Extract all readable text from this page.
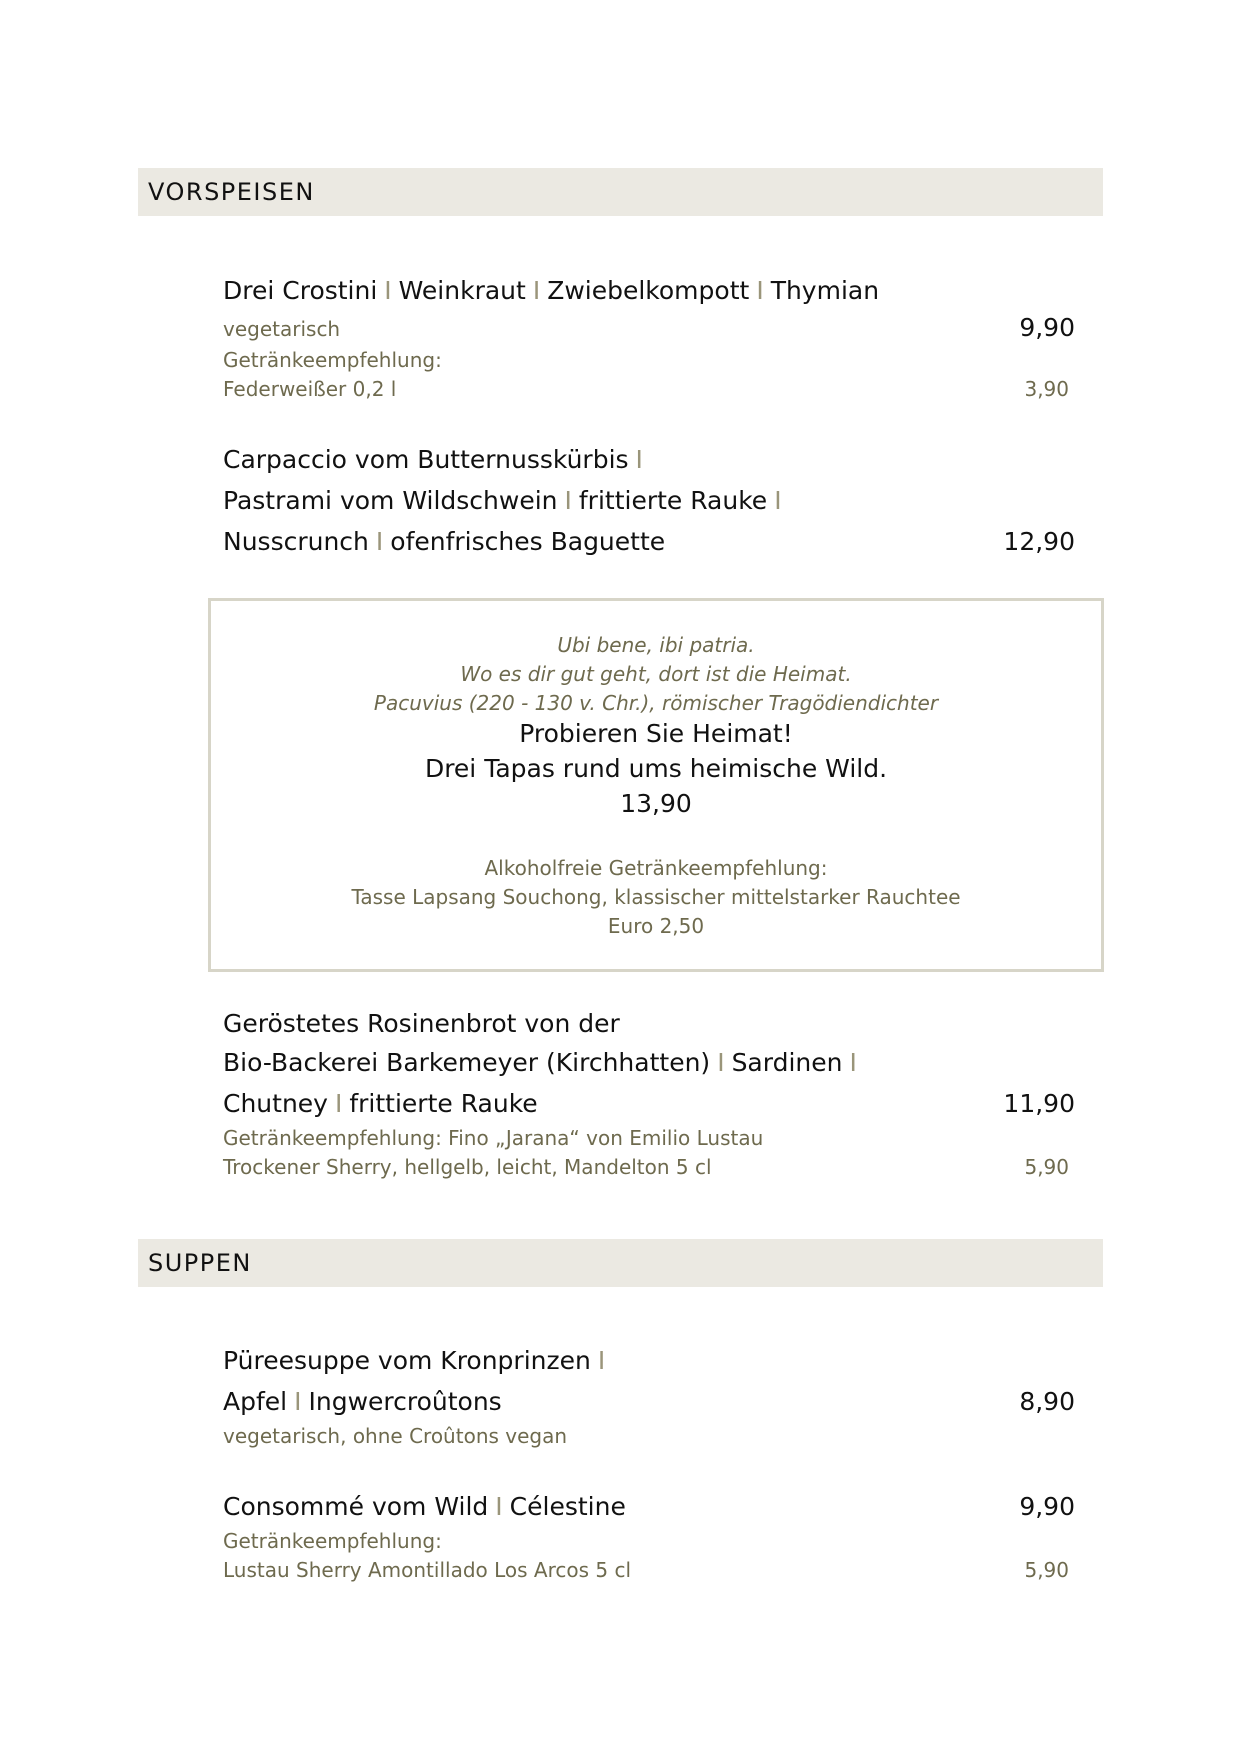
VORSPEISEN
Drei Crostini I Weinkraut I Zwiebelkompott I Thymian
vegetarisch	9,90
Getränkeempfehlung:
Federweißer 0,2 l	3,90
Carpaccio vom Butternusskürbis I
Pastrami vom Wildschwein I frittierte Rauke I
Nusscrunch I ofenfrisches Baguette	12,90
Ubi bene, ibi patria.
Wo es dir gut geht, dort ist die Heimat.
Pacuvius (220 - 130 v. Chr.), römischer Tragödiendichter
Probieren Sie Heimat!
Drei Tapas rund ums heimische Wild.
13,90
Alkoholfreie Getränkeempfehlung:
Tasse Lapsang Souchong, klassischer mittelstarker Rauchtee
Euro 2,50
Geröstetes Rosinenbrot von der
Bio-Backerei Barkemeyer (Kirchhatten) I Sardinen I
Chutney I frittierte Rauke	11,90
Getränkeempfehlung: Fino „Jarana“ von Emilio Lustau
Trockener Sherry, hellgelb, leicht, Mandelton 5 cl	5,90
SUPPEN
Püreesuppe vom Kronprinzen I
Apfel I Ingwercroûtons	8,90
vegetarisch, ohne Croûtons vegan
Consommé vom Wild I Célestine	9,90
Getränkeempfehlung:
Lustau Sherry Amontillado Los Arcos 5 cl	5,90
